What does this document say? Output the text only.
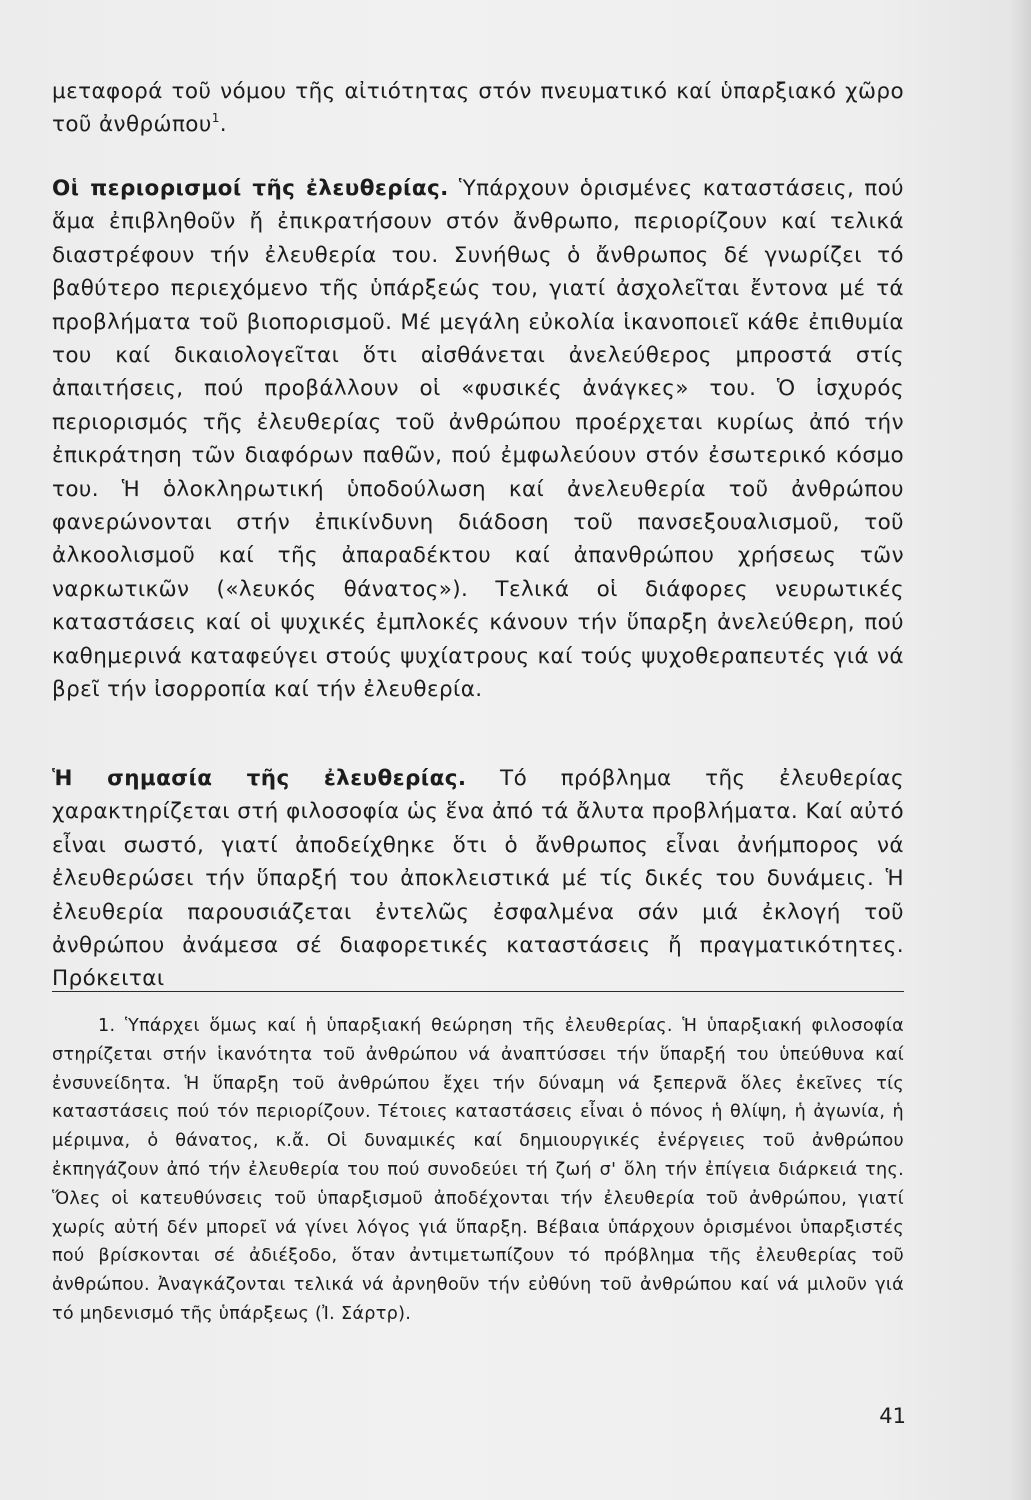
μεταφορά τοῦ νόμου τῆς αἰτιότητας στόν πνευματικό καί ὑπαρξιακό χῶρο τοῦ ἀνθρώπου$^1$.

Οἱ περιορισμοί τῆς ἐλευθερίας. Ὑπάρχουν ὁρισμένες καταστάσεις, πού ἅμα ἐπιβληθοῦν ἤ ἐπικρατήσουν στόν ἄνθρωπο, περιορίζουν καί τελικά διαστρέφουν τήν ἐλευθερία του. Συνήθως ὁ ἄνθρωπος δέ γνωρίζει τό βαθύτερο περιεχόμενο τῆς ὑπάρξεώς του, γιατί ἀσχολεῖται ἔντονα μέ τά προβλήματα τοῦ βιοπορισμοῦ. Μέ μεγάλη εὐκολία ἱκανοποιεῖ κάθε ἐπιθυμία του καί δικαιολογεῖται ὅτι αἰσθάνεται ἀνελεύθερος μπροστά στίς ἀπαιτήσεις, πού προβάλλουν οἱ «φυσικές ἀνάγκες» του. Ὁ ἰσχυρός περιορισμός τῆς ἐλευθερίας τοῦ ἀνθρώπου προέρχεται κυρίως ἀπό τήν ἐπικράτηση τῶν διαφόρων παθῶν, πού ἐμφωλεύουν στόν ἐσωτερικό κόσμο του. Ἡ ὁλοκληρωτική ὑποδούλωση καί ἀνελευθερία τοῦ ἀνθρώπου φανερώνονται στήν ἐπικίνδυνη διάδοση τοῦ πανσεξουαλισμοῦ, τοῦ ἀλκοολισμοῦ καί τῆς ἀπαραδέκτου καί ἀπανθρώπου χρήσεως τῶν ναρκωτικῶν («λευκός θάνατος»). Τελικά οἱ διάφορες νευρωτικές καταστάσεις καί οἱ ψυχικές ἐμπλοκές κάνουν τήν ὕπαρξη ἀνελεύθερη, πού καθημερινά καταφεύγει στούς ψυχίατρους καί τούς ψυχοθεραπευτές γιά νά βρεῖ τήν ἰσορροπία καί τήν ἐλευθερία.

Ἡ σημασία τῆς ἐλευθερίας. Τό πρόβλημα τῆς ἐλευθερίας χαρακτηρίζεται στή φιλοσοφία ὡς ἕνα ἀπό τά ἄλυτα προβλήματα. Καί αὐτό εἶναι σωστό, γιατί ἀποδείχθηκε ὅτι ὁ ἄνθρωπος εἶναι ἀνήμπορος νά ἐλευθερώσει τήν ὕπαρξή του ἀποκλειστικά μέ τίς δικές του δυνάμεις. Ἡ ἐλευθερία παρουσιάζεται ἐντελῶς ἐσφαλμένα σάν μιά ἐκλογή τοῦ ἀνθρώπου ἀνάμεσα σέ διαφορετικές καταστάσεις ἤ πραγματικότητες. Πρόκειται

1. Ὑπάρχει ὅμως καί ἡ ὑπαρξιακή θεώρηση τῆς ἐλευθερίας. Ἡ ὑπαρξιακή φιλοσοφία στηρίζεται στήν ἱκανότητα τοῦ ἀνθρώπου νά ἀναπτύσσει τήν ὕπαρξή του ὑπεύθυνα καί ἐνσυνείδητα. Ἡ ὕπαρξη τοῦ ἀνθρώπου ἔχει τήν δύναμη νά ξεπερνᾶ ὅλες ἐκεῖνες τίς καταστάσεις πού τόν περιορίζουν. Τέτοιες καταστάσεις εἶναι ὁ πόνος ἡ θλίψη, ἡ ἀγωνία, ἡ μέριμνα, ὁ θάνατος, κ.ἄ. Οἱ δυναμικές καί δημιουργικές ἐνέργειες τοῦ ἀνθρώπου ἐκπηγάζουν ἀπό τήν ἐλευθερία του πού συνοδεύει τή ζωή σ' ὅλη τήν ἐπίγεια διάρκειά της. Ὅλες οἱ κατευθύνσεις τοῦ ὑπαρξισμοῦ ἀποδέχονται τήν ἐλευθερία τοῦ ἀνθρώπου, γιατί χωρίς αὐτή δέν μπορεῖ νά γίνει λόγος γιά ὕπαρξη. Βέβαια ὑπάρχουν ὁρισμένοι ὑπαρξιστές πού βρίσκονται σέ ἀδιέξοδο, ὅταν ἀντιμετωπίζουν τό πρόβλημα τῆς ἐλευθερίας τοῦ ἀνθρώπου. Ἀναγκάζονται τελικά νά ἀρνηθοῦν τήν εὐθύνη τοῦ ἀνθρώπου καί νά μιλοῦν γιά τό μηδενισμό τῆς ὑπάρξεως (Ἰ. Σάρτρ).

41
